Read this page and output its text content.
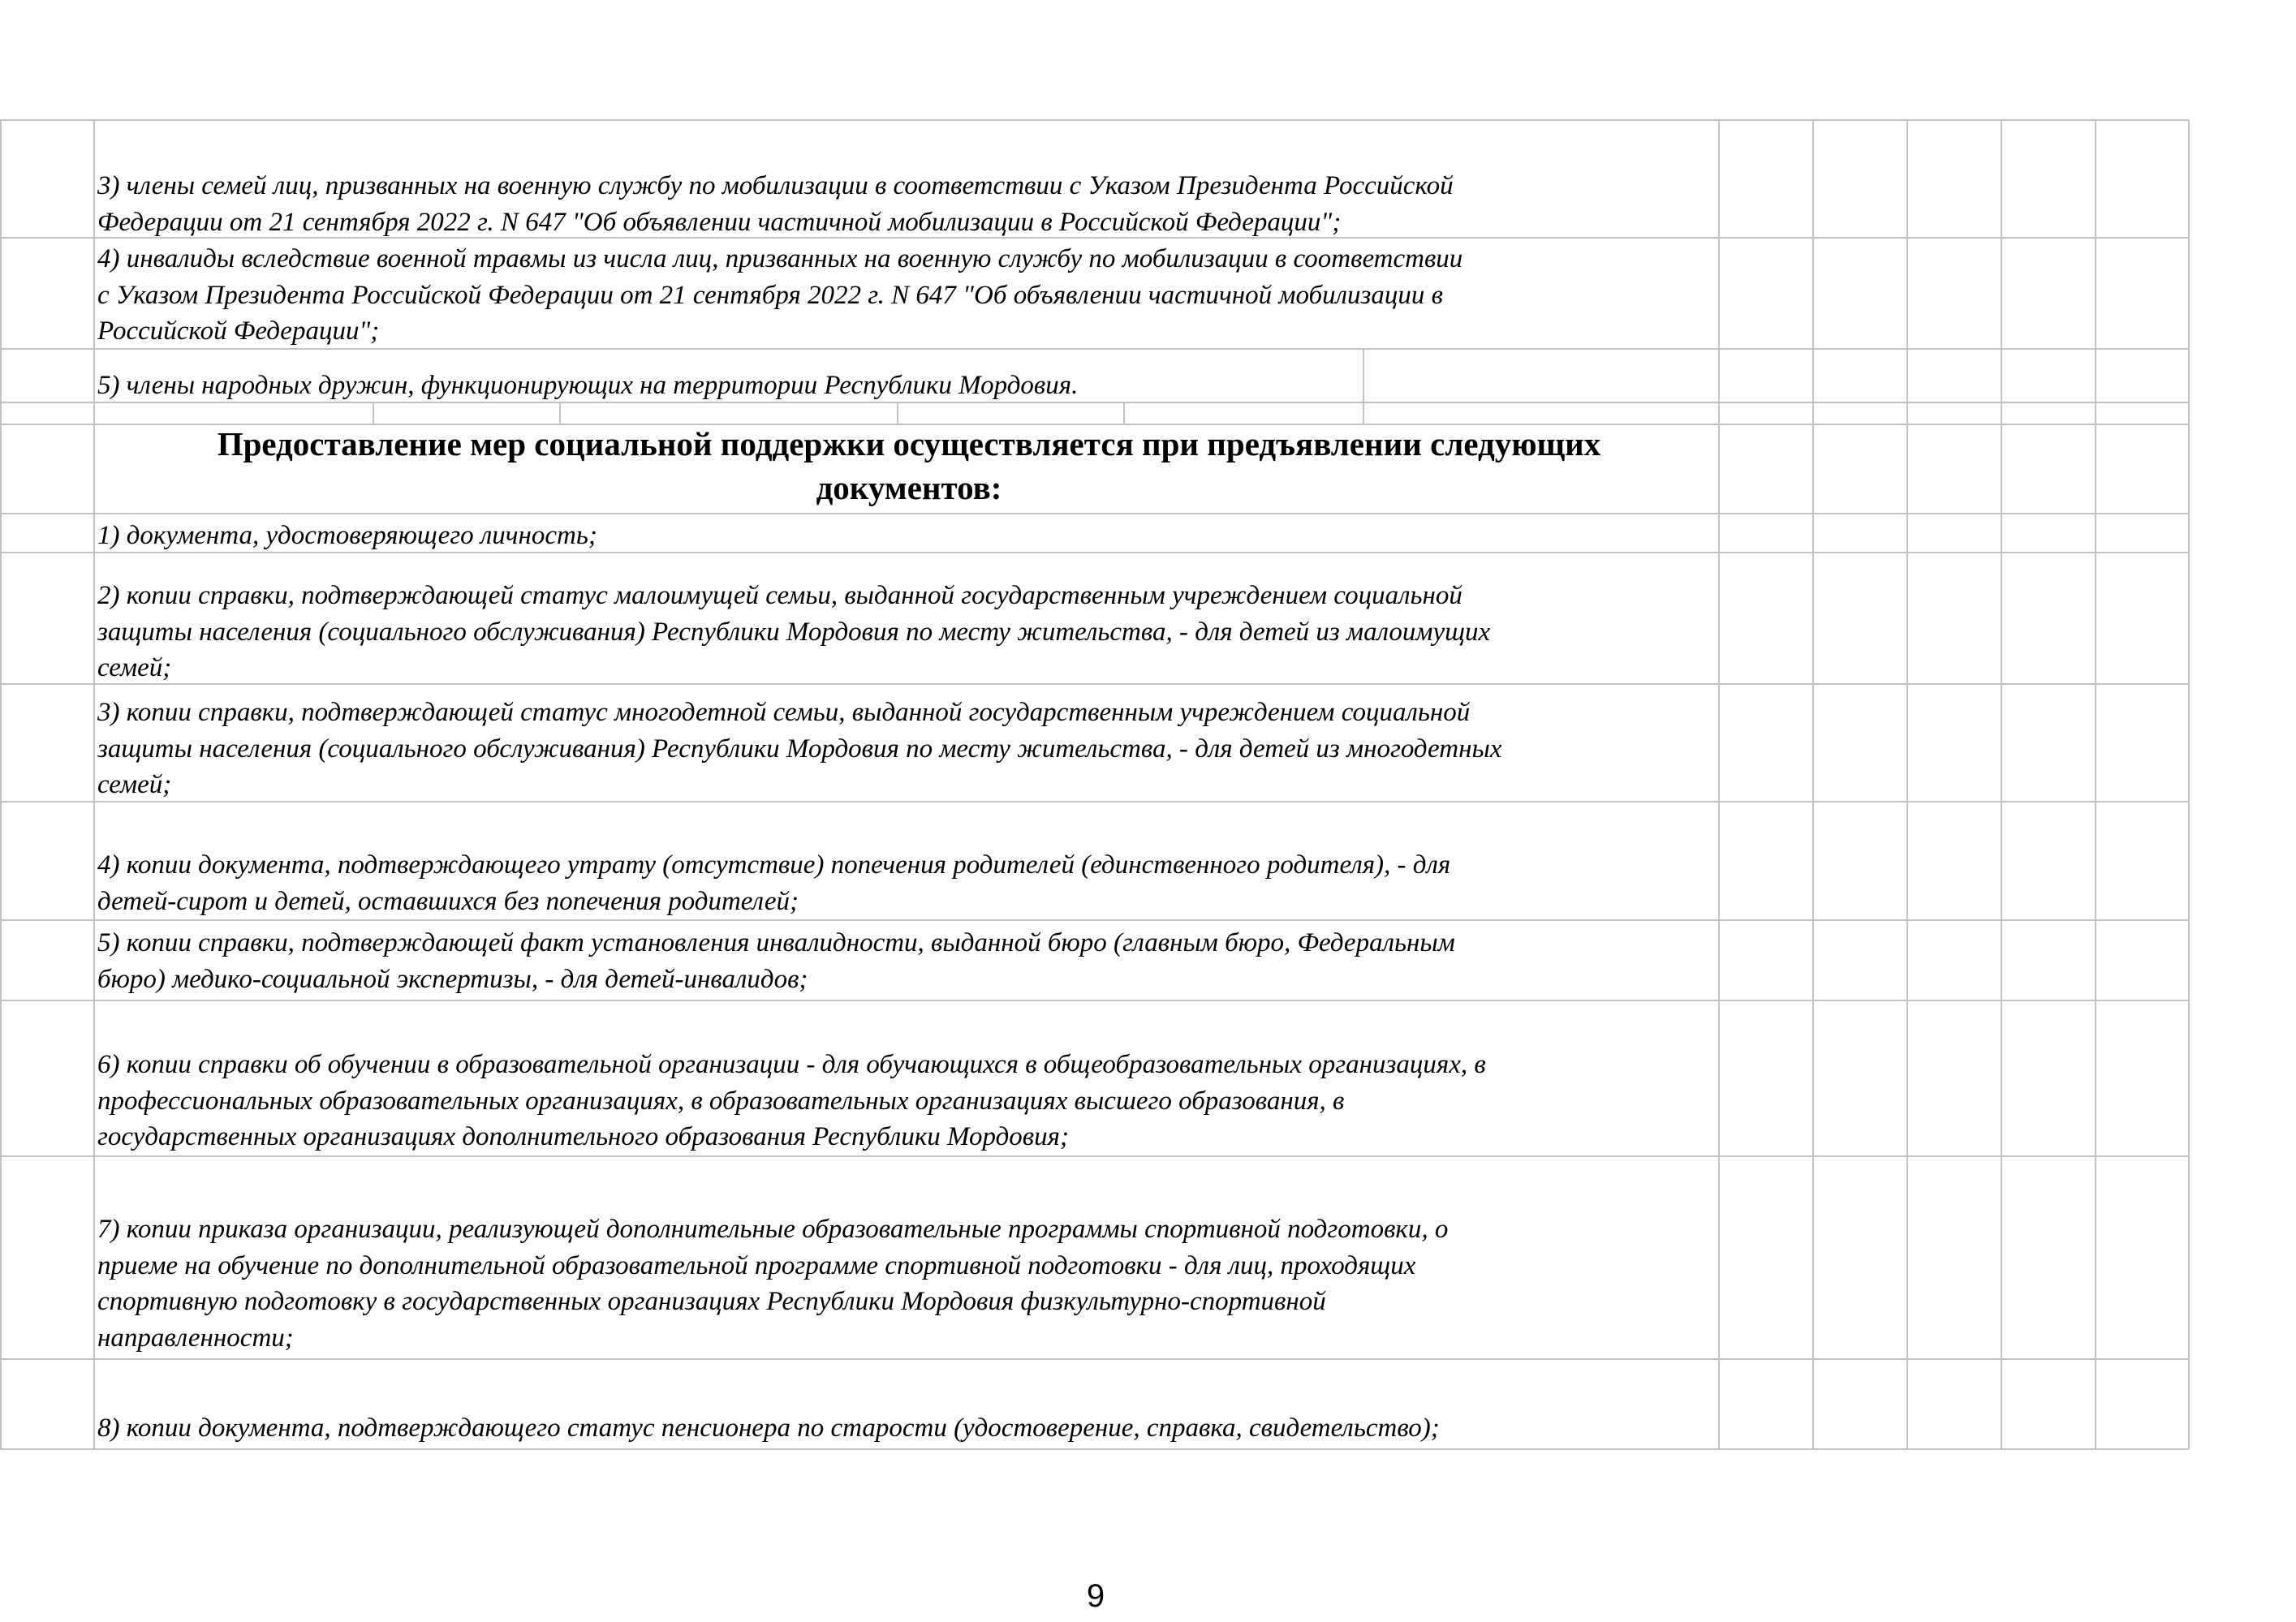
3) члены семей лиц, призванных на военную службу по мобилизации в соответствии с Указом Президента Российской
Федерации от 21 сентября 2022 г. N 647 "Об объявлении частичной мобилизации в Российской Федерации";
4) инвалиды вследствие военной травмы из числа лиц, призванных на военную службу по мобилизации в соответствии
с Указом Президента Российской Федерации от 21 сентября 2022 г. N 647 "Об объявлении частичной мобилизации в
Российской Федерации";
5) члены народных дружин, функционирующих на территории Республики Мордовия.
Предоставление мер социальной поддержки осуществляется при предъявлении следующих
документов:
1) документа, удостоверяющего личность;
2) копии справки, подтверждающей статус малоимущей семьи, выданной государственным учреждением социальной
защиты населения (социального обслуживания) Республики Мордовия по месту жительства, - для детей из малоимущих
семей;
3) копии справки, подтверждающей статус многодетной семьи, выданной государственным учреждением социальной
защиты населения (социального обслуживания) Республики Мордовия по месту жительства, - для детей из многодетных
семей;
4) копии документа, подтверждающего утрату (отсутствие) попечения родителей (единственного родителя), - для
детей-сирот и детей, оставшихся без попечения родителей;
5) копии справки, подтверждающей факт установления инвалидности, выданной бюро (главным бюро, Федеральным
бюро) медико-социальной экспертизы, - для детей-инвалидов;
6) копии справки об обучении в образовательной организации - для обучающихся в общеобразовательных организациях, в
профессиональных образовательных организациях, в образовательных организациях высшего образования, в
государственных организациях дополнительного образования Республики Мордовия;
7) копии приказа организации, реализующей дополнительные образовательные программы спортивной подготовки, о
приеме на обучение по дополнительной образовательной программе спортивной подготовки - для лиц, проходящих
спортивную подготовку в государственных организациях Республики Мордовия физкультурно-спортивной
направленности;
8) копии документа, подтверждающего статус пенсионера по старости (удостоверение, справка, свидетельство);
9
